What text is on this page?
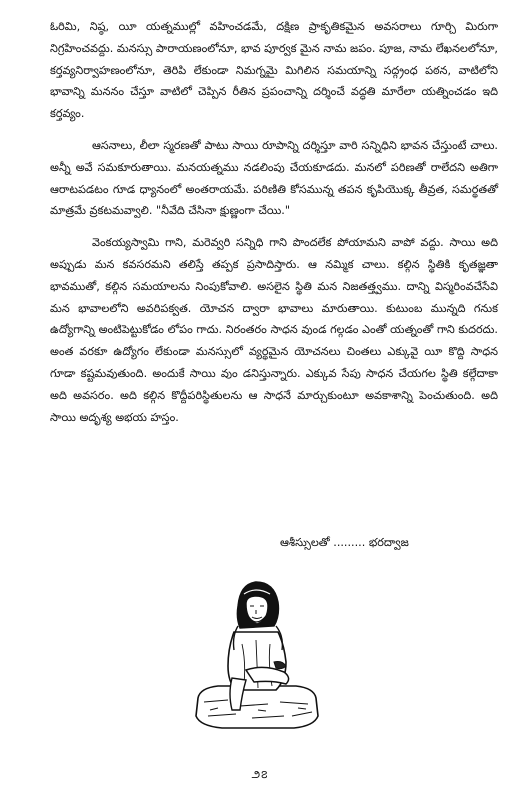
ఓరిమి, నిష్ఠ, యీ యత్నముల్లో వహించడమే, దక్షిణ ప్రాకృతికమైన అవసరాలు గూర్చి మిరుగా నిగ్రహించవద్దు. మనస్సు పారాయణంలోనూ, భావ పూర్వక మైన నామ జపం. పూజ, నామ లేఖనలలోనూ, కర్తవ్యనిర్వాహణంలోనూ, తెరిపి లేకుండా నిమగ్నమై మిగిలిన సమయాన్ని సద్గ్రంధ పఠన, వాటిలోని భావాన్ని మననం చేస్తూ వాటిలో చెప్పిన రీతిన ప్రపంచాన్ని దర్శించే వద్ధతి మారేలా యత్నించడం ఇది కర్తవ్యం.

ఆసనాలు, లీలా స్మరణతో పాటు సాయి రూపాన్ని దర్శిస్తూ వారి సన్నిధిని భావన చేస్తుంటే చాలు. అన్నీ అవే సమకూరుతాయి. మనయత్నము నడలింపు చేయకూడదు. మనలో పరిణతో రాలేదని అతిగా ఆరాటపడటం గూడ ధ్యానంలో అంతరాయమే. పరిణితి కోసమున్న తపన కృపియొక్క తీవ్రత, సమర్థతతో మాత్రమే వ్రకటమవ్వాలి. "నీవేది చేసినా క్షుణ్ణంగా చేయి."

వెంకయ్యస్వామి గాని, మరెవ్వరి సన్నిధి గాని పొందలేక పోయామని వాపో వద్దు. సాయి అది అప్పుడు మన కవసరమని తలిస్తే తప్పక ప్రసాదిస్తారు. ఆ నమ్మిక చాలు. కల్గిన స్థితికి కృతజ్ఞతా భావముతో, కల్గిన సమయాలను నింపుకోవాలి. అసలైన స్థితి మన నిజతత్త్వము. దాన్ని విస్మరింవచేసేవి మన భావాలలోని అవరిపక్వత. యోచన ద్వారా భావాలు మారుతాయి. కుటుంబ మున్నది గనుక ఉద్యోగాన్ని అంటిపెట్టుకోడం లోపం గాదు. నిరంతరం సాధన వుండ గల్గడం ఎంతో యత్నంతో గాని కుదరదు. అంత వరకూ ఉద్యోగం లేకుండా మనస్సులో వ్యర్థమైన యోచనలు చింతలు ఎక్కువై యీ కొద్ది సాధన గూడా కష్టమవుతుంది. అందుకే సాయి వుం డనిస్తున్నారు. ఎక్కువ సేపు సాధన చేయగల స్థితి కల్గేదాకా అది అవసరం. అది కల్గిన కొద్దీపరిస్థితులను ఆ సాధనే మార్చుకుంటూ అవకాశాన్ని పెంచుతుంది. అది సాయి అదృశ్య అభయ హస్తం.

ఆశీస్సులతో ......... భరద్వాజ
౨౭
